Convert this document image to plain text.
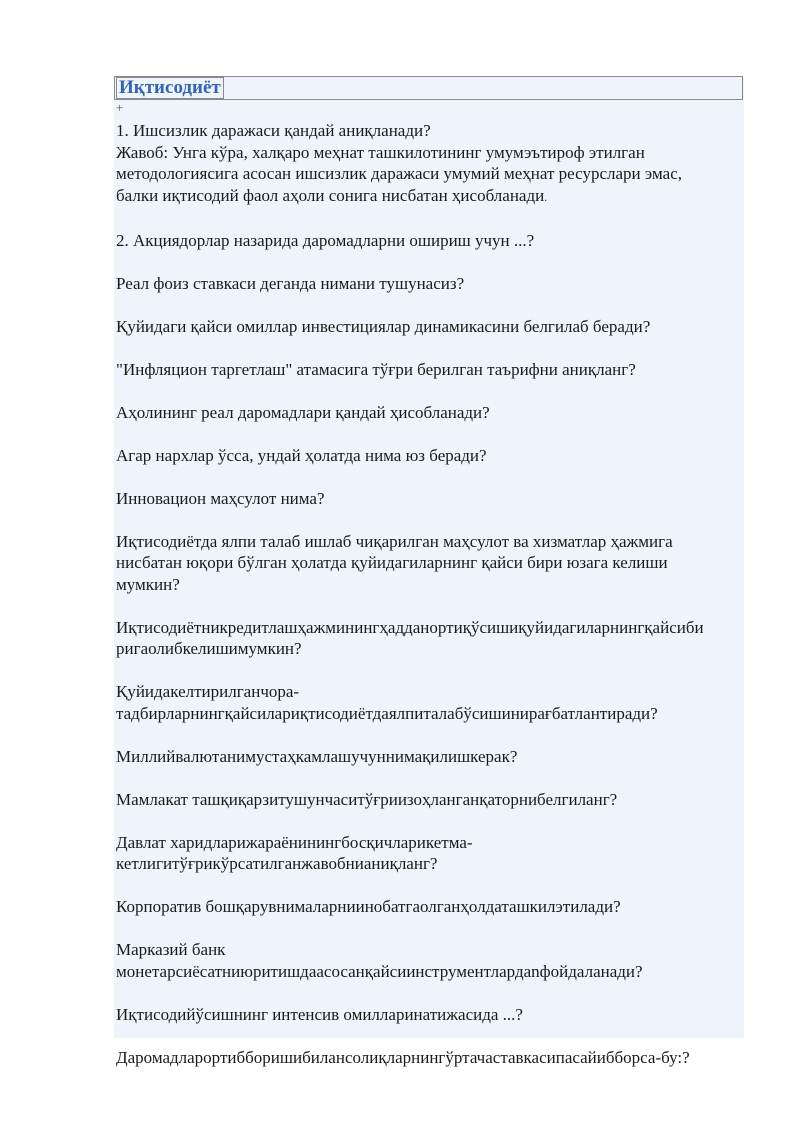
Иқтисодиёт
+

1. Ишсизлик даражаси қандай аниқланади?

Жавоб: Унга кўра, халқаро меҳнат ташкилотининг умумэътироф этилган

методологиясига асосан ишсизлик даражаси умумий меҳнат ресурслари эмас,

балки иқтисодий фаол аҳоли сонига нисбатан ҳисобланади.

2. Акциядорлар назарида даромадларни ошириш учун ...?

Реал фоиз ставкаси деганда нимани тушунасиз?

Қуйидаги қайси омиллар инвестициялар динамикасини белгилаб беради?

"Инфляцион таргетлаш" атамасига тўғри берилган таърифни аниқланг?

Аҳолининг реал даромадлари қандай ҳисобланади?

Агар нархлар ўсса, ундай ҳолатда нима юз беради?

Инновацион маҳсулот нима?

Иқтисодиётда ялпи талаб ишлаб чиқарилган маҳсулот ва хизматлар ҳажмига

нисбатан юқори бўлган ҳолатда қуйидагиларнинг қайси бири юзага келиши

мумкин?

Иқтисодиётникредитлашҳажминингҳадданортиқўсишиқуйидагиларнингқайсиби

ригаолибкелишимумкин?

Қуйидакелтирилганчора-

тадбирларнингқайсилариқтисодиётдаялпиталабўсишинирағбатлантиради?

Миллийвалютанимустаҳкамлашучуннимақилишкерак?

Мамлакат ташқиқарзитушунчаситўғриизоҳланганқаторнибелгиланг?

Давлат харидларижараёнинингбосқичларикетма-

кетлигитўғрикўрсатилганжавобнианиқланг?

Корпоратив бошқарувнималарниинобатгаолганҳолдаташкилэтилади?

Марказий банк

монетарсиёсатниюритишдаасосанқайсиинструментлардanфойдаланади?

Иқтисодийўсишнинг интенсив омилларинатижасида ...?

Даромадларортибборишибилансолиқларнингўртачаставкасипасайибборса-бу:?
